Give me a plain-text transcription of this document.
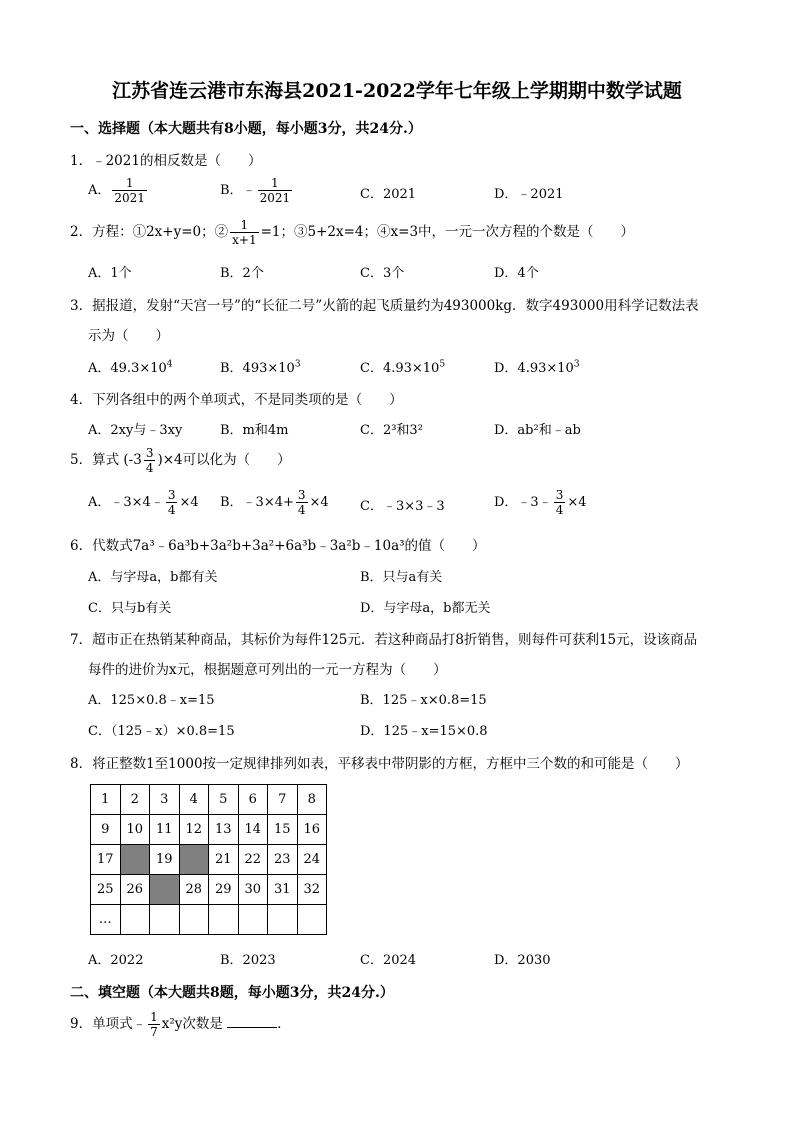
江苏省连云港市东海县2021-2022学年七年级上学期期中数学试题
一、选择题（本大题共有8小题，每小题3分，共24分.）
1．﹣2021的相反数是（　　）
A． $\frac{1}{2021}$	B．﹣ $\frac{1}{2021}$	C．2021	D．﹣2021
2．方程：①2x+y=0；② $\frac{1}{x+1} =1$；③5+2x=4；④x=3中，一元一次方程的个数是（　　）
A．1个	B．2个	C．3个	D．4个
3．据报道，发射“天宫一号”的“长征二号”火箭的起飞质量约为493000kg．数字493000用科学记数法表
示为（　　）
A．$49.3\times 10^4$	B．$493\times 10^3$	C．$4.93\times 10^5$	D．$4.93\times 10^3$
4．下列各组中的两个单项式，不是同类项的是（　　）
A．2xy与﹣3xy	B．m和4m	C．2³和3²	D．ab²和﹣ab
5．算式 $(-3 \frac{3}{4} )\times 4$可以化为（　　）
A．﹣3×4﹣ $\frac{3}{4} \times 4$ B．﹣3×4+ $\frac{3}{4} \times 4$ C．﹣3×3﹣3	D．﹣3﹣ $\frac{3}{4} \times 4$
6．代数式7a³﹣6a³b+3a²b+3a²+6a³b﹣3a²b﹣10a³的值（　　）
A．与字母a，b都有关	B．只与a有关
C．只与b有关	D．与字母a，b都无关
7．超市正在热销某种商品，其标价为每件125元．若这种商品打8折销售，则每件可获利15元，设该商品
每件的进价为x元，根据题意可列出的一元一方程为（　　）
A．125×0.8﹣x=15	B．125﹣x×0.8=15
C．（125﹣x）×0.8=15	D．125﹣x=15×0.8
8．将正整数1至1000按一定规律排列如表，平移表中带阴影的方框，方框中三个数的和可能是（　　）
1	2	3	4	5	6	7	8
9	10	11	12	13	14	15	16
17		19		21	22	23	24
25	26		28	29	30	31	32
…							
A．2022	B．2023	C．2024	D．2030
二、填空题（本大题共8题，每小题3分，共24分.）
9．单项式﹣ $\frac{1}{7} x^2y$次数是	．
